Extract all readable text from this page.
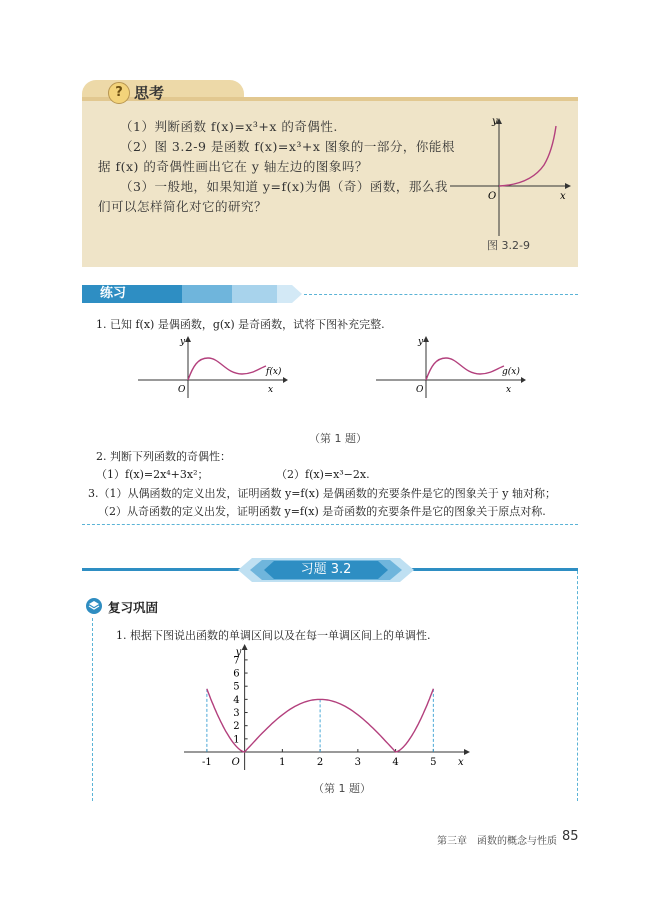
? 思考
（1）判断函数 f(x)=x³+x 的奇偶性.
（2）图 3.2-9 是函数 f(x)=x³+x 图象的一部分，你能根
据 f(x) 的奇偶性画出它在 y 轴左边的图象吗？
（3）一般地，如果知道 y=f(x)为偶（奇）函数，那么我
们可以怎样简化对它的研究？
y
x
O
图 3.2-9
练习
1. 已知 f(x) 是偶函数，g(x) 是奇函数，试将下图补充完整.
y
x
O
f(x)
y
x
O
g(x)
（第 1 题）
2. 判断下列函数的奇偶性：
（1）f(x)=2x⁴+3x²；	（2）f(x)=x³−2x.
3.（1）从偶函数的定义出发，证明函数 y=f(x) 是偶函数的充要条件是它的图象关于 y 轴对称；
（2）从奇函数的定义出发，证明函数 y=f(x) 是奇函数的充要条件是它的图象关于原点对称.
习题 3.2
复习巩固
1. 根据下图说出函数的单调区间以及在每一单调区间上的单调性.
-1	1	2	3	4	5
1
2
3
4
5
6
7
y
x
O
（第 1 题）
第三章　函数的概念与性质 85
